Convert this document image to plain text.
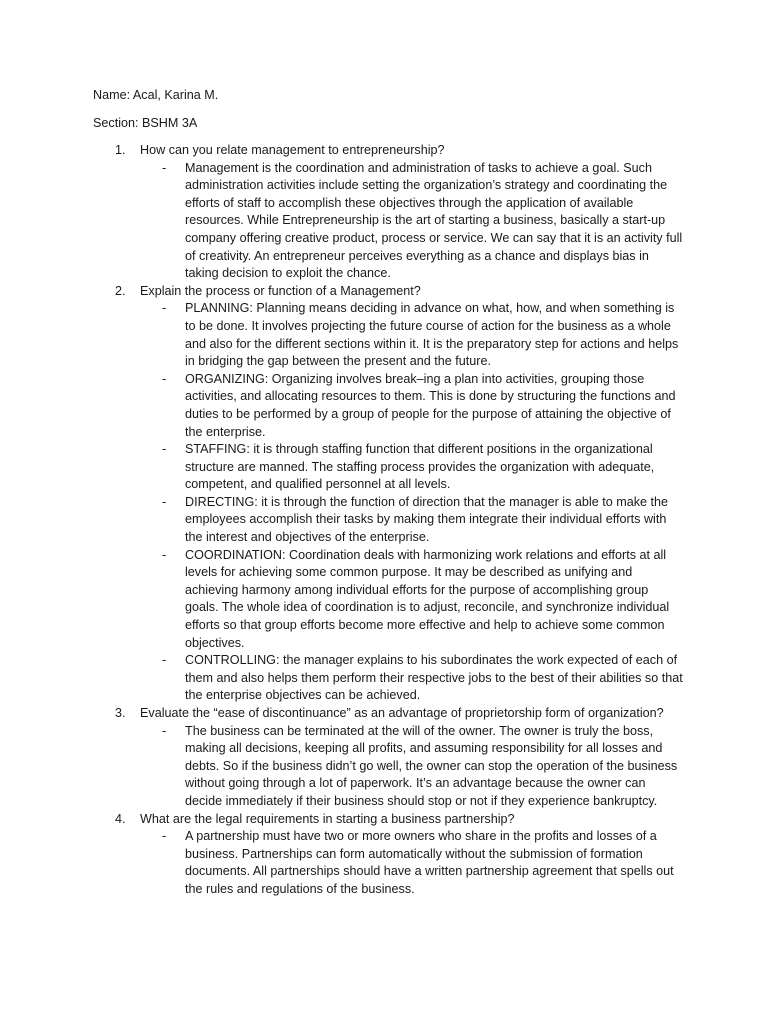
Name: Acal, Karina M.
Section: BSHM 3A
1.	How can you relate management to entrepreneurship?
- Management is the coordination and administration of tasks to achieve a goal. Such administration activities include setting the organization’s strategy and coordinating the efforts of staff to accomplish these objectives through the application of available resources. While Entrepreneurship is the art of starting a business, basically a start-up company offering creative product, process or service. We can say that it is an activity full of creativity. An entrepreneur perceives everything as a chance and displays bias in taking decision to exploit the chance.
2.	Explain the process or function of a Management?
- PLANNING: Planning means deciding in advance on what, how, and when something is to be done. It involves projecting the future course of action for the business as a whole and also for the different sections within it. It is the preparatory step for actions and helps in bridging the gap between the present and the future.
- ORGANIZING: Organizing involves break–ing a plan into activities, grouping those activities, and allocating resources to them. This is done by structuring the functions and duties to be performed by a group of people for the purpose of attaining the objective of the enterprise.
- STAFFING: it is through staffing function that different positions in the organizational structure are manned. The staffing process provides the organization with adequate, competent, and qualified personnel at all levels.
- DIRECTING: it is through the function of direction that the manager is able to make the employees accomplish their tasks by making them integrate their individual efforts with the interest and objectives of the enterprise.
- COORDINATION: Coordination deals with harmonizing work relations and efforts at all levels for achieving some common purpose. It may be described as unifying and achieving harmony among individual efforts for the purpose of accomplishing group goals. The whole idea of coordination is to adjust, reconcile, and synchronize individual efforts so that group efforts become more effective and help to achieve some common objectives.
- CONTROLLING: the manager explains to his subordinates the work expected of each of them and also helps them perform their respective jobs to the best of their abilities so that the enterprise objectives can be achieved.
3.	Evaluate the “ease of discontinuance” as an advantage of proprietorship form of organization?
- The business can be terminated at the will of the owner. The owner is truly the boss, making all decisions, keeping all profits, and assuming responsibility for all losses and debts. So if the business didn’t go well, the owner can stop the operation of the business without going through a lot of paperwork. It’s an advantage because the owner can decide immediately if their business should stop or not if they experience bankruptcy.
4.	What are the legal requirements in starting a business partnership?
- A partnership must have two or more owners who share in the profits and losses of a business. Partnerships can form automatically without the submission of formation documents. All partnerships should have a written partnership agreement that spells out the rules and regulations of the business.
